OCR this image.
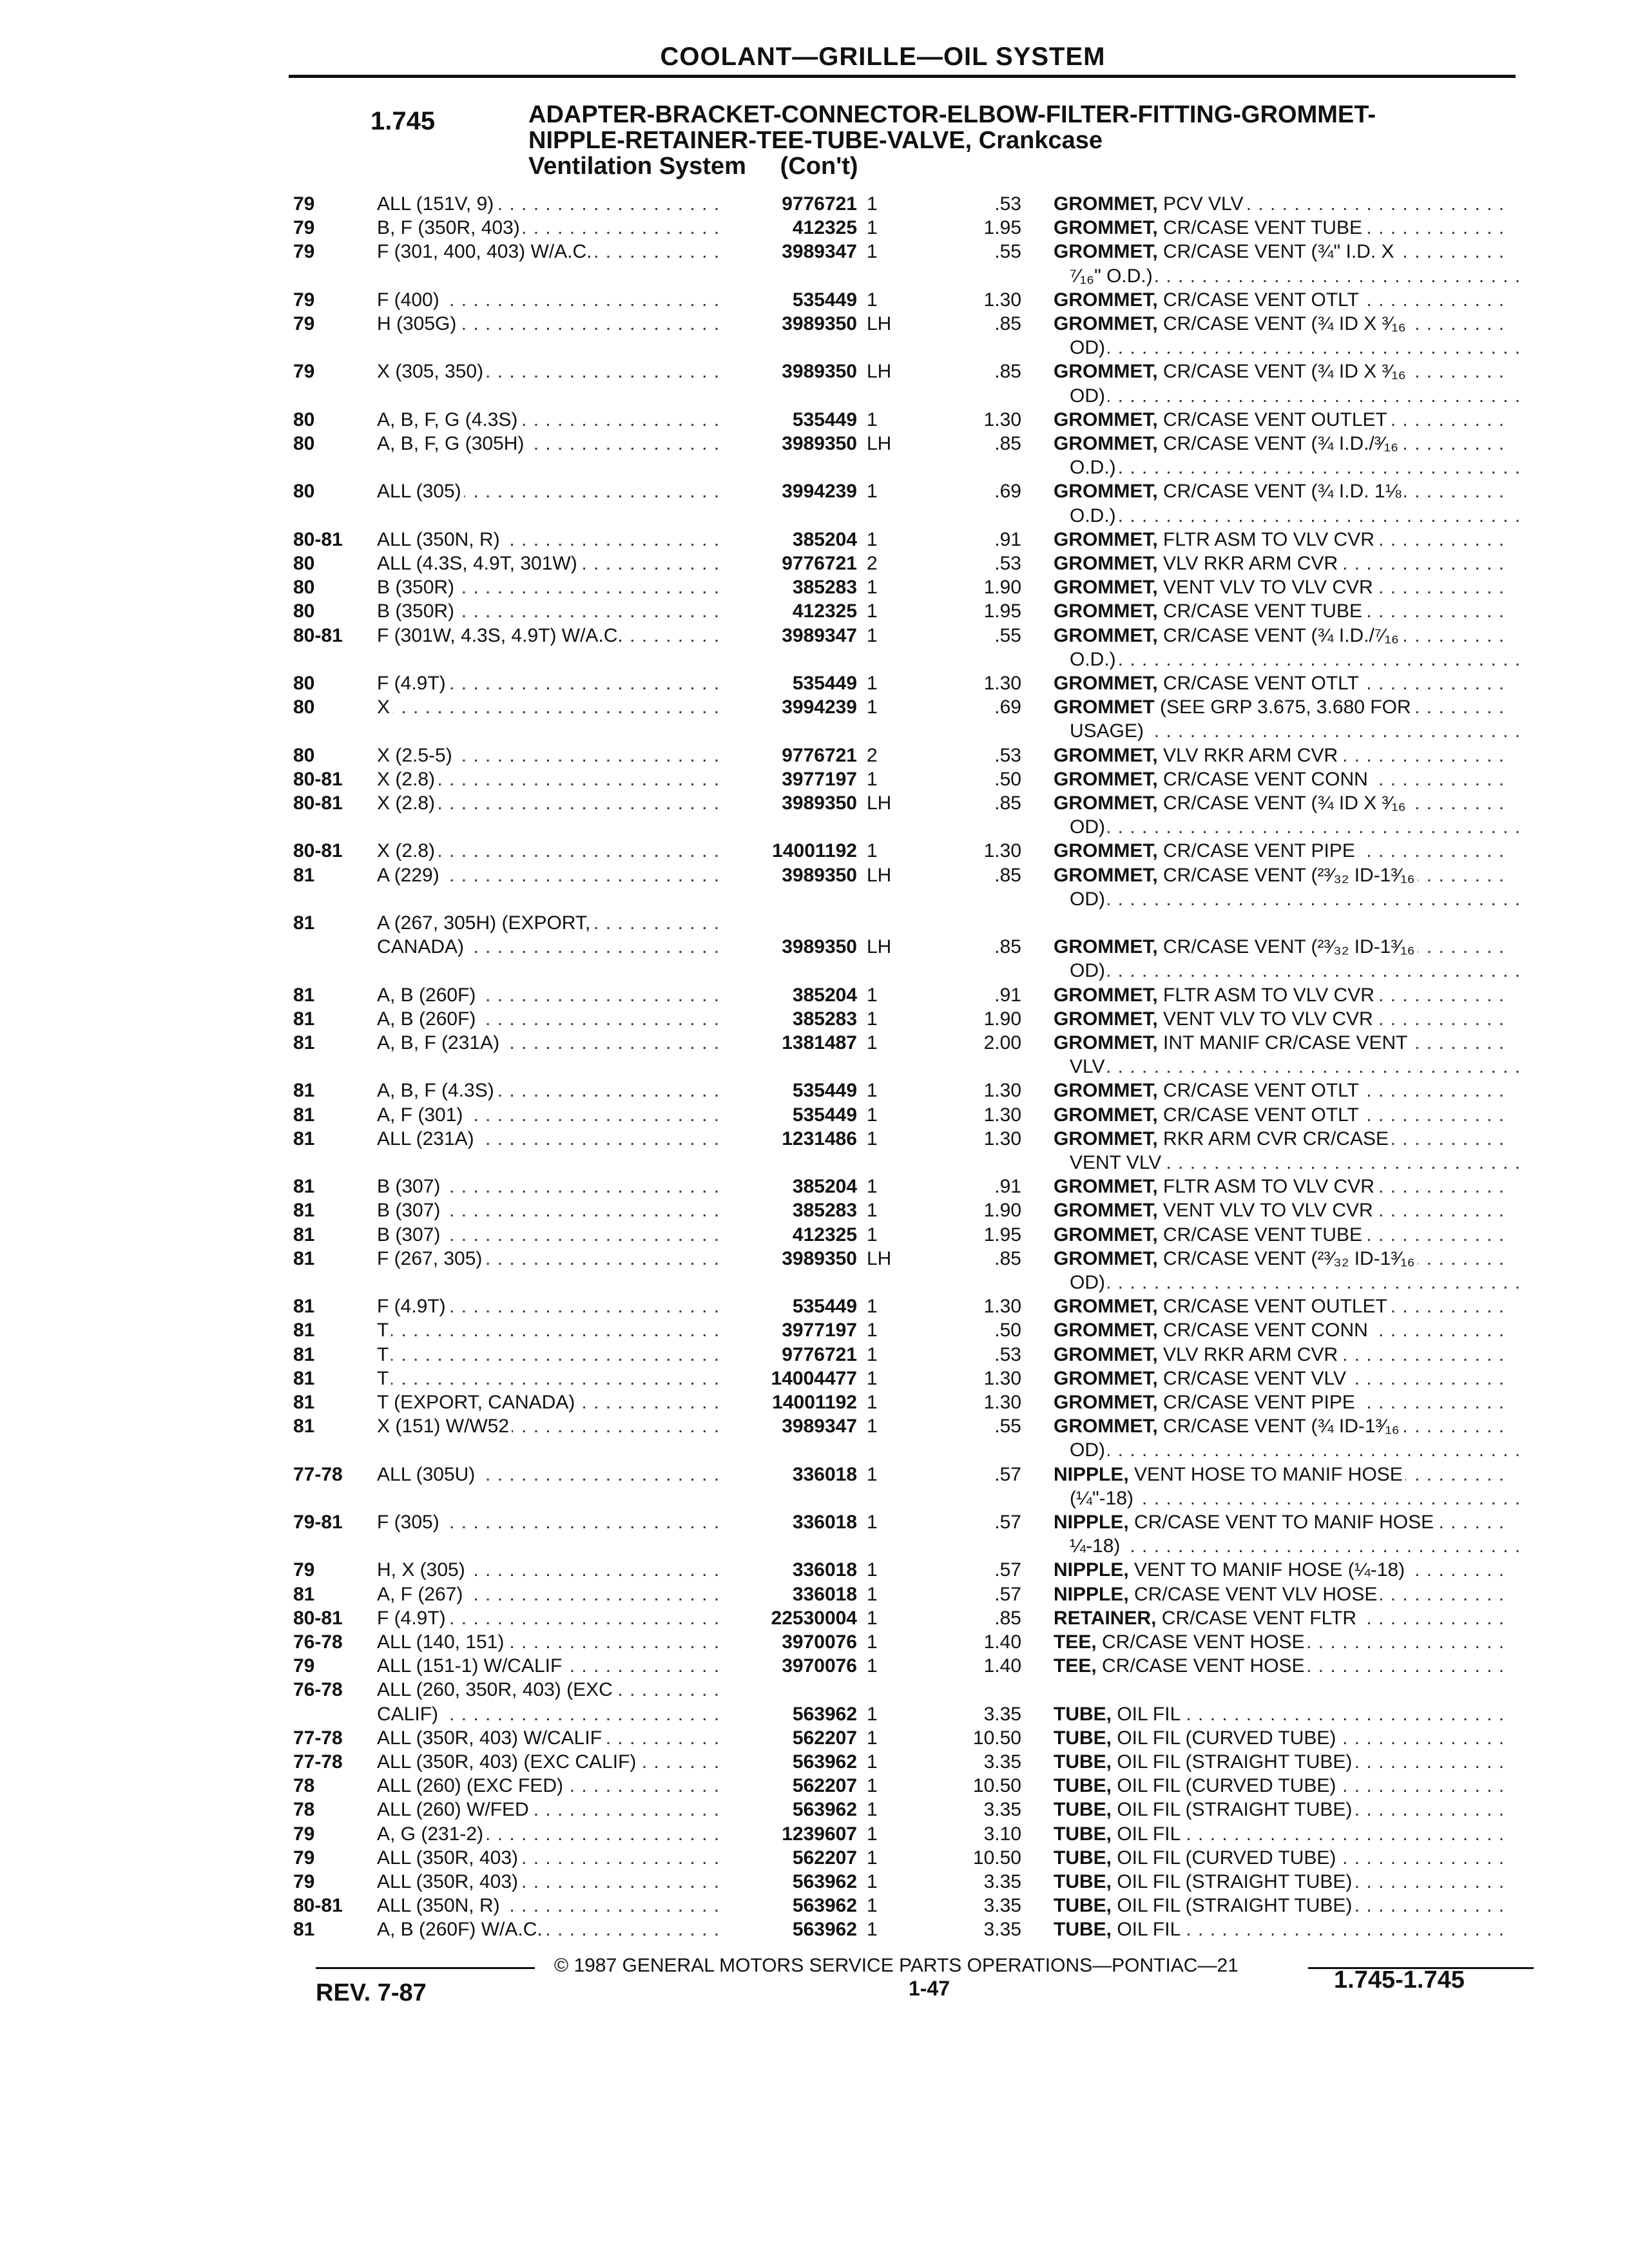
COOLANT—GRILLE—OIL SYSTEM
1.745	ADAPTER-BRACKET-CONNECTOR-ELBOW-FILTER-FITTING-GROMMET-NIPPLE-RETAINER-TEE-TUBE-VALVE, Crankcase
Ventilation System     (Con't)
79	ALL (151V, 9) . . .	9776721 1	.53 GROMMET, PCV VLV . . .
79	B, F (350R, 403) . . .	412325 1	1.95 GROMMET, CR/CASE VENT TUBE . . .
79	F (301, 400, 403) W/A.C. . . .	3989347 1	.55 GROMMET, CR/CASE VENT (¾" I.D. X . . .
⁷⁄₁₆" O.D.) . . .
79	F (400) . . .	535449 1	1.30 GROMMET, CR/CASE VENT OTLT . . .
79	H (305G) . . .	3989350 LH	.85 GROMMET, CR/CASE VENT (¾ ID X ³⁄₁₆ . . .
OD) . . .
79	X (305, 350) . . .	3989350 LH	.85 GROMMET, CR/CASE VENT (¾ ID X ³⁄₁₆ . . .
OD) . . .
80	A, B, F, G (4.3S) . . .	535449 1	1.30 GROMMET, CR/CASE VENT OUTLET . . .
80	A, B, F, G (305H) . . .	3989350 LH	.85 GROMMET, CR/CASE VENT (¾ I.D./³⁄₁₆ . . .
O.D.) . . .
80	ALL (305) . . .	3994239 1	.69 GROMMET, CR/CASE VENT (¾ I.D. 1⅛ . . .
O.D.) . . .
80-81	ALL (350N, R) . . .	385204 1	.91 GROMMET, FLTR ASM TO VLV CVR . . .
80	ALL (4.3S, 4.9T, 301W) . . .	9776721 2	.53 GROMMET, VLV RKR ARM CVR . . .
80	B (350R) . . .	385283 1	1.90 GROMMET, VENT VLV TO VLV CVR . . .
80	B (350R) . . .	412325 1	1.95 GROMMET, CR/CASE VENT TUBE . . .
80-81	F (301W, 4.3S, 4.9T) W/A.C. . . .	3989347 1	.55 GROMMET, CR/CASE VENT (¾ I.D./⁷⁄₁₆ . . .
O.D.) . . .
80	F (4.9T) . . .	535449 1	1.30 GROMMET, CR/CASE VENT OTLT . . .
80	X . . .	3994239 1	.69 GROMMET (SEE GRP 3.675, 3.680 FOR . . .
USAGE) . . .
80	X (2.5-5) . . .	9776721 2	.53 GROMMET, VLV RKR ARM CVR . . .
80-81	X (2.8) . . .	3977197 1	.50 GROMMET, CR/CASE VENT CONN . . .
80-81	X (2.8) . . .	3989350 LH	.85 GROMMET, CR/CASE VENT (¾ ID X ³⁄₁₆ . . .
OD) . . .
80-81	X (2.8) . . .	14001192 1	1.30 GROMMET, CR/CASE VENT PIPE . . .
81	A (229) . . .	3989350 LH	.85 GROMMET, CR/CASE VENT (²³⁄₃₂ ID-1³⁄₁₆ . . .
OD) . . .
81	A (267, 305H) (EXPORT, . . .
CANADA) . . .	3989350 LH	.85 GROMMET, CR/CASE VENT (²³⁄₃₂ ID-1³⁄₁₆ . . .
OD) . . .
81	A, B (260F) . . .	385204 1	.91 GROMMET, FLTR ASM TO VLV CVR . . .
81	A, B (260F) . . .	385283 1	1.90 GROMMET, VENT VLV TO VLV CVR . . .
81	A, B, F (231A) . . .	1381487 1	2.00 GROMMET, INT MANIF CR/CASE VENT . . .
VLV . . .
81	A, B, F (4.3S) . . .	535449 1	1.30 GROMMET, CR/CASE VENT OTLT . . .
81	A, F (301) . . .	535449 1	1.30 GROMMET, CR/CASE VENT OTLT . . .
81	ALL (231A) . . .	1231486 1	1.30 GROMMET, RKR ARM CVR CR/CASE . . .
VENT VLV . . .
81	B (307) . . .	385204 1	.91 GROMMET, FLTR ASM TO VLV CVR . . .
81	B (307) . . .	385283 1	1.90 GROMMET, VENT VLV TO VLV CVR . . .
81	B (307) . . .	412325 1	1.95 GROMMET, CR/CASE VENT TUBE . . .
81	F (267, 305) . . .	3989350 LH	.85 GROMMET, CR/CASE VENT (²³⁄₃₂ ID-1³⁄₁₆ . . .
OD) . . .
81	F (4.9T) . . .	535449 1	1.30 GROMMET, CR/CASE VENT OUTLET . . .
81	T . . .	3977197 1	.50 GROMMET, CR/CASE VENT CONN . . .
81	T . . .	9776721 1	.53 GROMMET, VLV RKR ARM CVR . . .
81	T . . .	14004477 1	1.30 GROMMET, CR/CASE VENT VLV . . .
81	T (EXPORT, CANADA) . . .	14001192 1	1.30 GROMMET, CR/CASE VENT PIPE . . .
81	X (151) W/W52 . . .	3989347 1	.55 GROMMET, CR/CASE VENT (¾ ID-1³⁄₁₆ . . .
OD) . . .
77-78	ALL (305U) . . .	336018 1	.57 NIPPLE, VENT HOSE TO MANIF HOSE . . .
(¼"-18) . . .
79-81	F (305) . . .	336018 1	.57 NIPPLE, CR/CASE VENT TO MANIF HOSE . . .
¼-18) . . .
79	H, X (305) . . .	336018 1	.57 NIPPLE, VENT TO MANIF HOSE (¼-18) . . .
81	A, F (267) . . .	336018 1	.57 NIPPLE, CR/CASE VENT VLV HOSE . . .
80-81	F (4.9T) . . .	22530004 1	.85 RETAINER, CR/CASE VENT FLTR . . .
76-78	ALL (140, 151) . . .	3970076 1	1.40 TEE, CR/CASE VENT HOSE . . .
79	ALL (151-1) W/CALIF . . .	3970076 1	1.40 TEE, CR/CASE VENT HOSE . . .
76-78	ALL (260, 350R, 403) (EXC . . .
CALIF) . . .	563962 1	3.35 TUBE, OIL FIL . . .
77-78	ALL (350R, 403) W/CALIF . . .	562207 1	10.50 TUBE, OIL FIL (CURVED TUBE) . . .
77-78	ALL (350R, 403) (EXC CALIF) . . .	563962 1	3.35 TUBE, OIL FIL (STRAIGHT TUBE) . . .
78	ALL (260) (EXC FED) . . .	562207 1	10.50 TUBE, OIL FIL (CURVED TUBE) . . .
78	ALL (260) W/FED . . .	563962 1	3.35 TUBE, OIL FIL (STRAIGHT TUBE) . . .
79	A, G (231-2) . . .	1239607 1	3.10 TUBE, OIL FIL . . .
79	ALL (350R, 403) . . .	562207 1	10.50 TUBE, OIL FIL (CURVED TUBE) . . .
79	ALL (350R, 403) . . .	563962 1	3.35 TUBE, OIL FIL (STRAIGHT TUBE) . . .
80-81	ALL (350N, R) . . .	563962 1	3.35 TUBE, OIL FIL (STRAIGHT TUBE) . . .
81	A, B (260F) W/A.C. . . .	563962 1	3.35 TUBE, OIL FIL . . .
© 1987 GENERAL MOTORS SERVICE PARTS OPERATIONS—PONTIAC—21
REV. 7-87	1-47	1.745-1.745
